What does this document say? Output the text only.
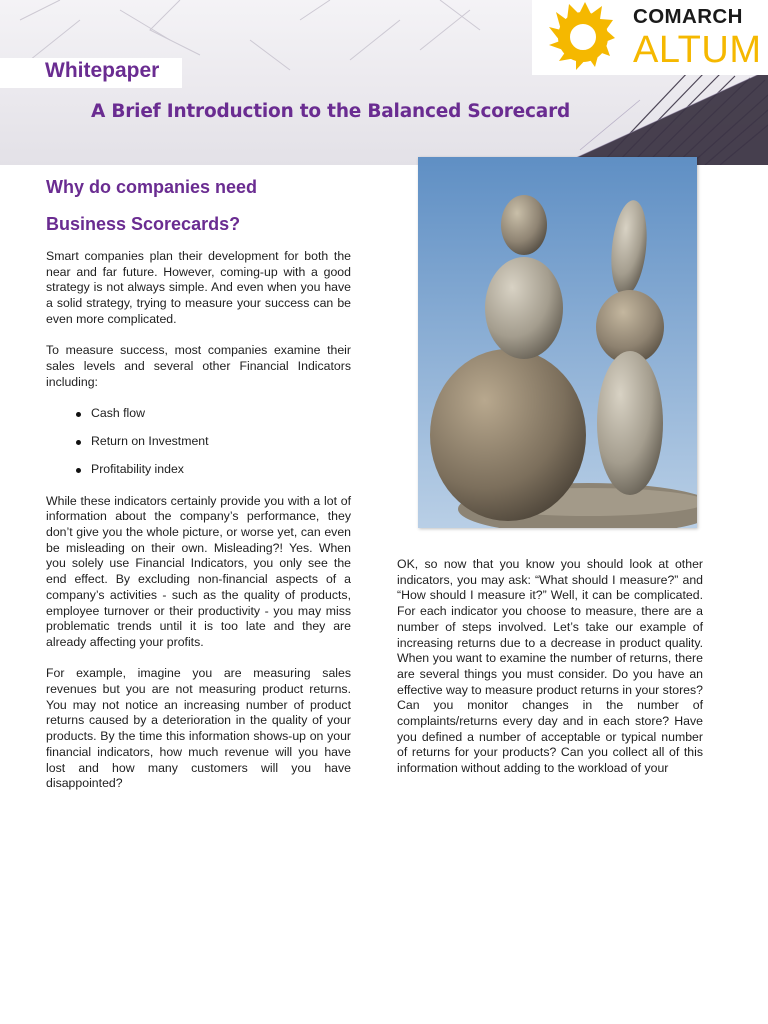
Whitepaper
A Brief Introduction to the Balanced Scorecard
COMARCH
ALTUM
Why do companies need
Business Scorecards?

Smart companies plan their development for both the near and far future. However, coming-up with a good strategy is not always simple. And even when you have a solid strategy, trying to measure your success can be even more complicated.

To measure success, most companies examine their sales levels and several other Financial Indicators including:

Cash flow
Return on Investment
Profitability index

While these indicators certainly provide you with a lot of information about the company’s performance, they don’t give you the whole picture, or worse yet, can even be misleading on their own. Misleading?! Yes. When you solely use Financial Indicators, you only see the end effect. By excluding non-financial aspects of a company’s activities - such as the quality of products, employee turnover or their productivity - you may miss problematic trends until it is too late and they are already affecting your profits.

For example, imagine you are measuring sales revenues but you are not measuring product returns. You may not notice an increasing number of product returns caused by a deterioration in the quality of your products. By the time this information shows-up on your financial indicators, how much revenue will you have lost and how many customers will you have disappointed?

OK, so now that you know you should look at other indicators, you may ask: “What should I measure?” and “How should I measure it?” Well, it can be complicated. For each indicator you choose to measure, there are a number of steps involved. Let’s take our example of increasing returns due to a decrease in product quality. When you want to examine the number of returns, there are several things you must consider. Do you have an effective way to measure product returns in your stores? Can you monitor changes in the number of complaints/returns every day and in each store? Have you defined a number of acceptable or typical number of returns for your products? Can you collect all of this information without adding to the workload of your
